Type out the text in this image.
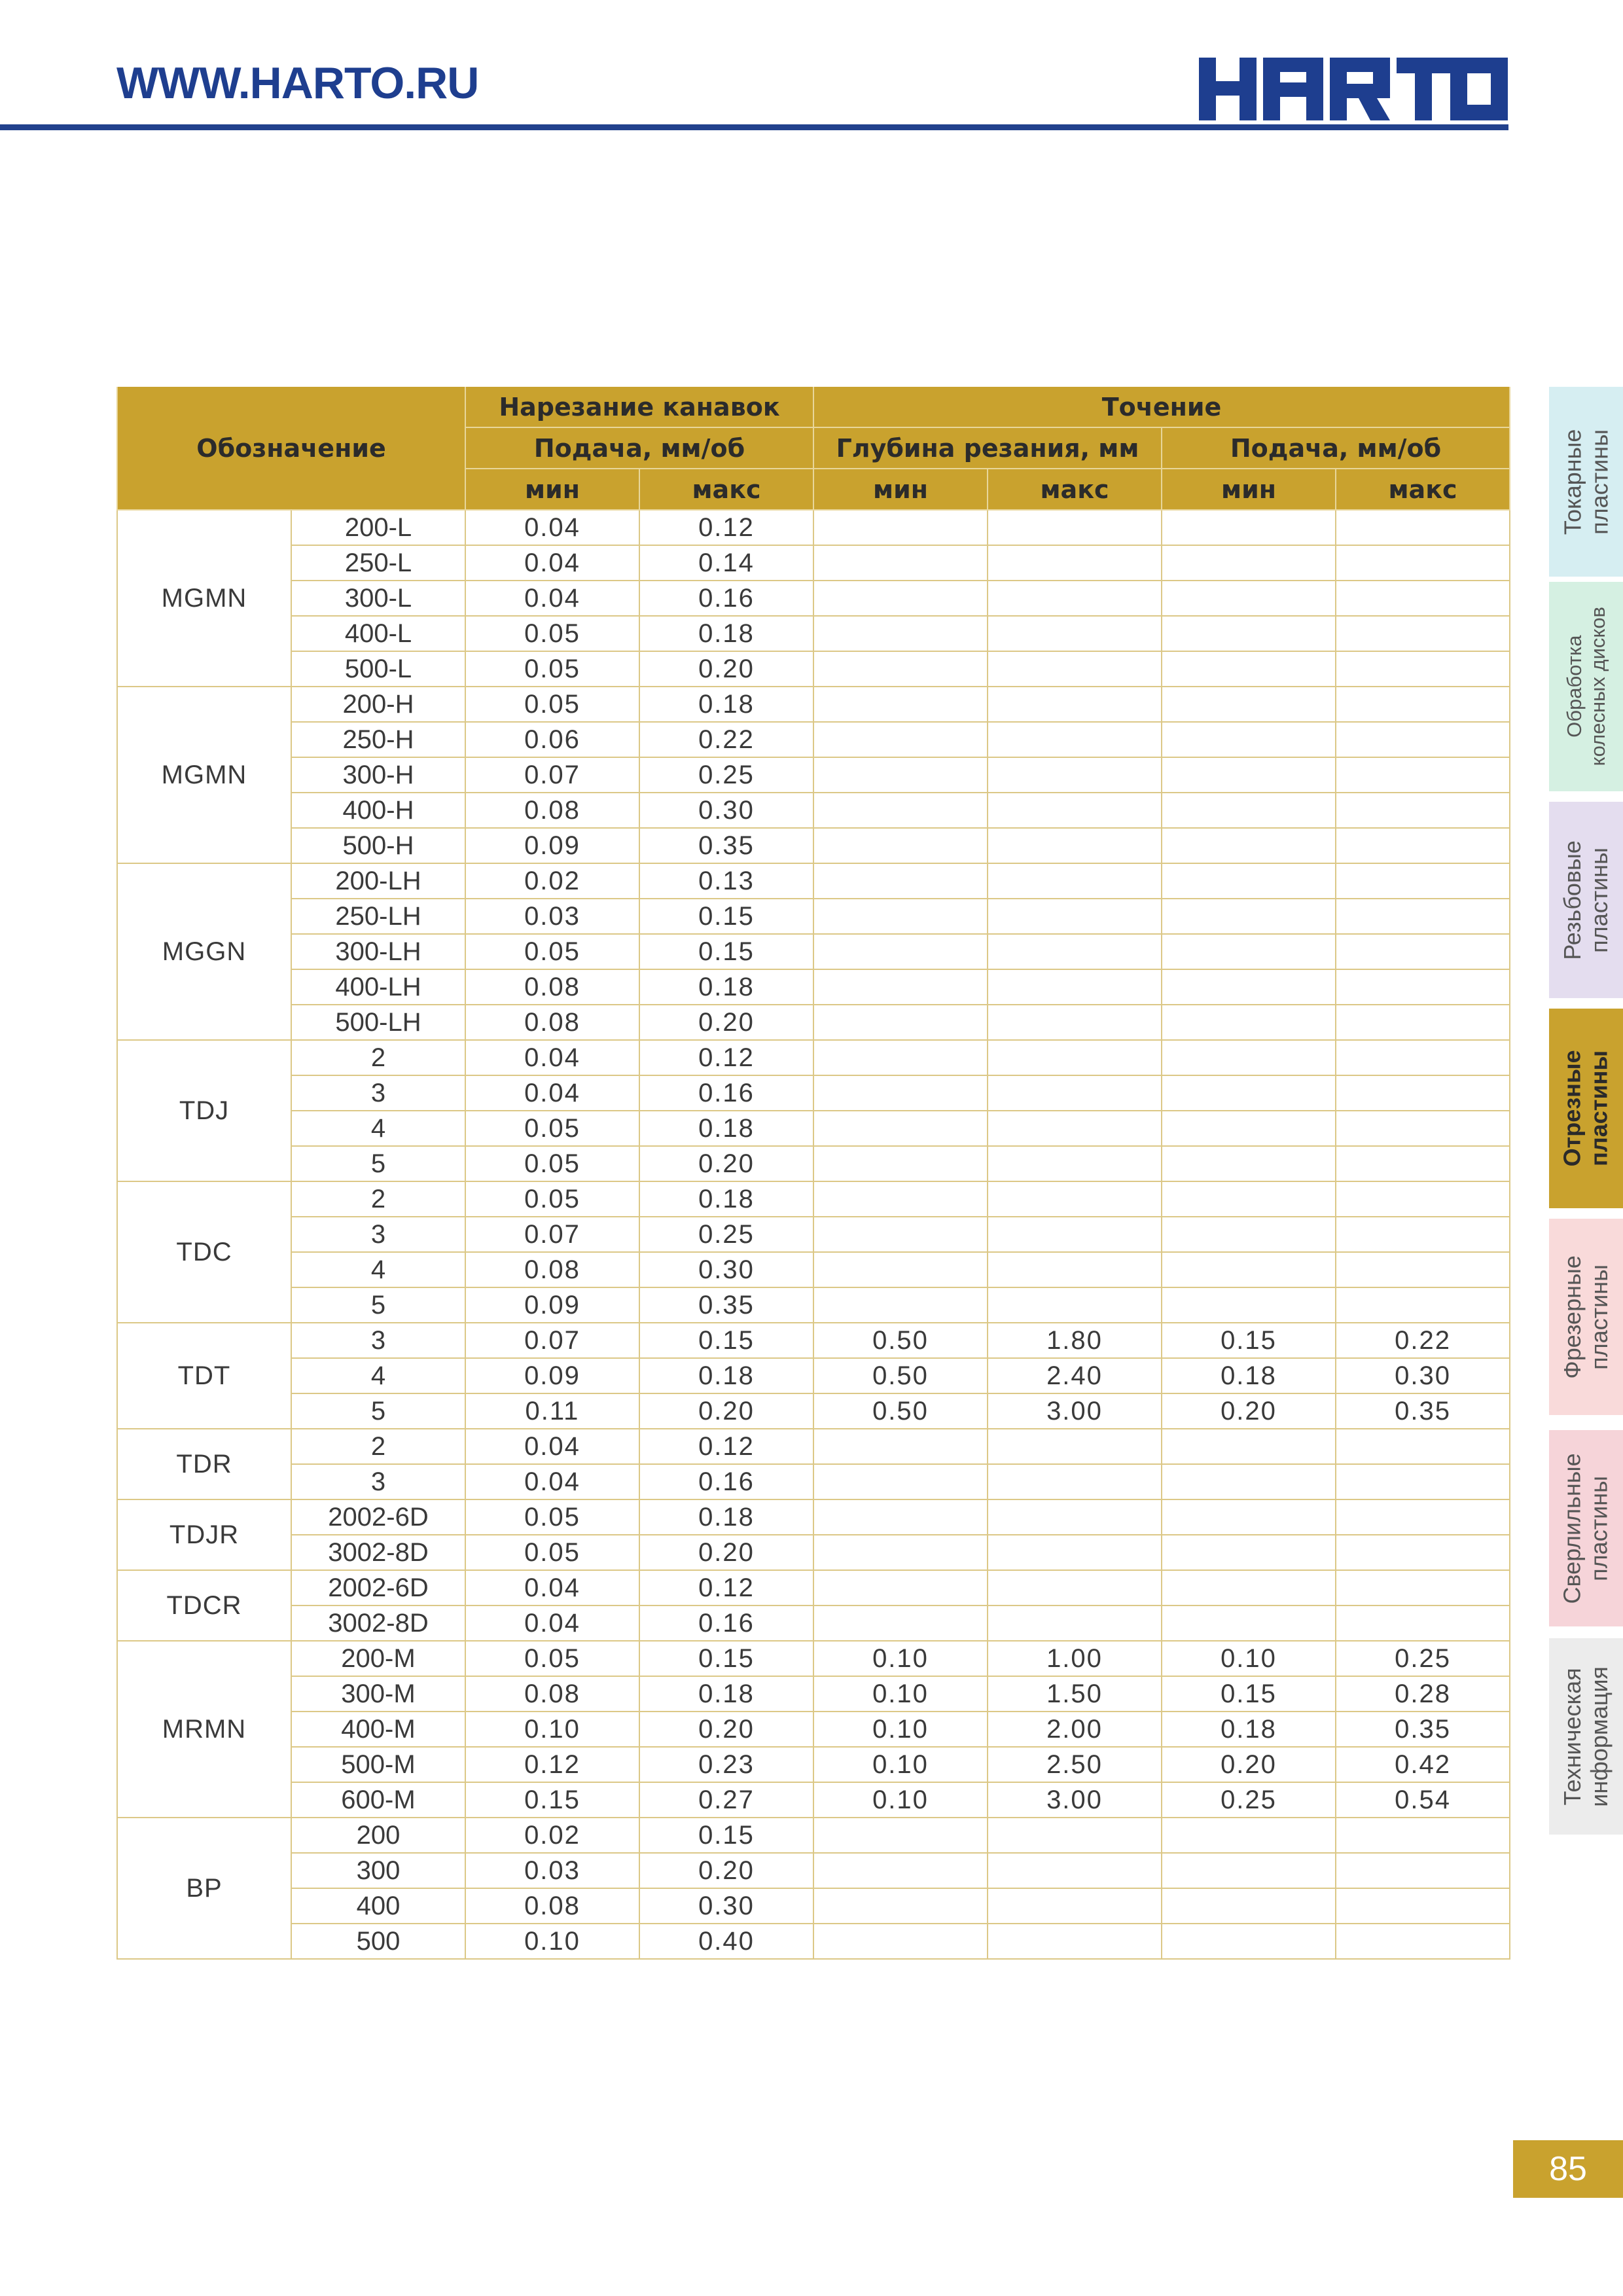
WWW.HARTO.RU
Обозначение		Нарезание канавок		Точение			
		Подача, мм/об		Глубина резания, мм		Подача, мм/об	
		мин	макс	мин	макс	мин	макс
MGMN	200-L	0.04	0.12				
	250-L	0.04	0.14				
	300-L	0.04	0.16				
	400-L	0.05	0.18				
	500-L	0.05	0.20				
MGMN	200-H	0.05	0.18				
	250-H	0.06	0.22				
	300-H	0.07	0.25				
	400-H	0.08	0.30				
	500-H	0.09	0.35				
MGGN	200-LH	0.02	0.13				
	250-LH	0.03	0.15				
	300-LH	0.05	0.15				
	400-LH	0.08	0.18				
	500-LH	0.08	0.20				
TDJ	2	0.04	0.12				
	3	0.04	0.16				
	4	0.05	0.18				
	5	0.05	0.20				
TDC	2	0.05	0.18				
	3	0.07	0.25				
	4	0.08	0.30				
	5	0.09	0.35				
TDT	3	0.07	0.15	0.50	1.80	0.15	0.22
	4	0.09	0.18	0.50	2.40	0.18	0.30
	5	0.11	0.20	0.50	3.00	0.20	0.35
TDR	2	0.04	0.12				
	3	0.04	0.16				
TDJR	2002-6D	0.05	0.18				
	3002-8D	0.05	0.20				
TDCR	2002-6D	0.04	0.12				
	3002-8D	0.04	0.16				
MRMN	200-M	0.05	0.15	0.10	1.00	0.10	0.25
	300-M	0.08	0.18	0.10	1.50	0.15	0.28
	400-M	0.10	0.20	0.10	2.00	0.18	0.35
	500-M	0.12	0.23	0.10	2.50	0.20	0.42
	600-M	0.15	0.27	0.10	3.00	0.25	0.54
BP	200	0.02	0.15				
	300	0.03	0.20				
	400	0.08	0.30				
	500	0.10	0.40				
Токарные пластины
Обработка колесных дисков
Резьбовые пластины
Отрезные пластины
Фрезерные пластины
Сверлильные пластины
Техническая информация
85
